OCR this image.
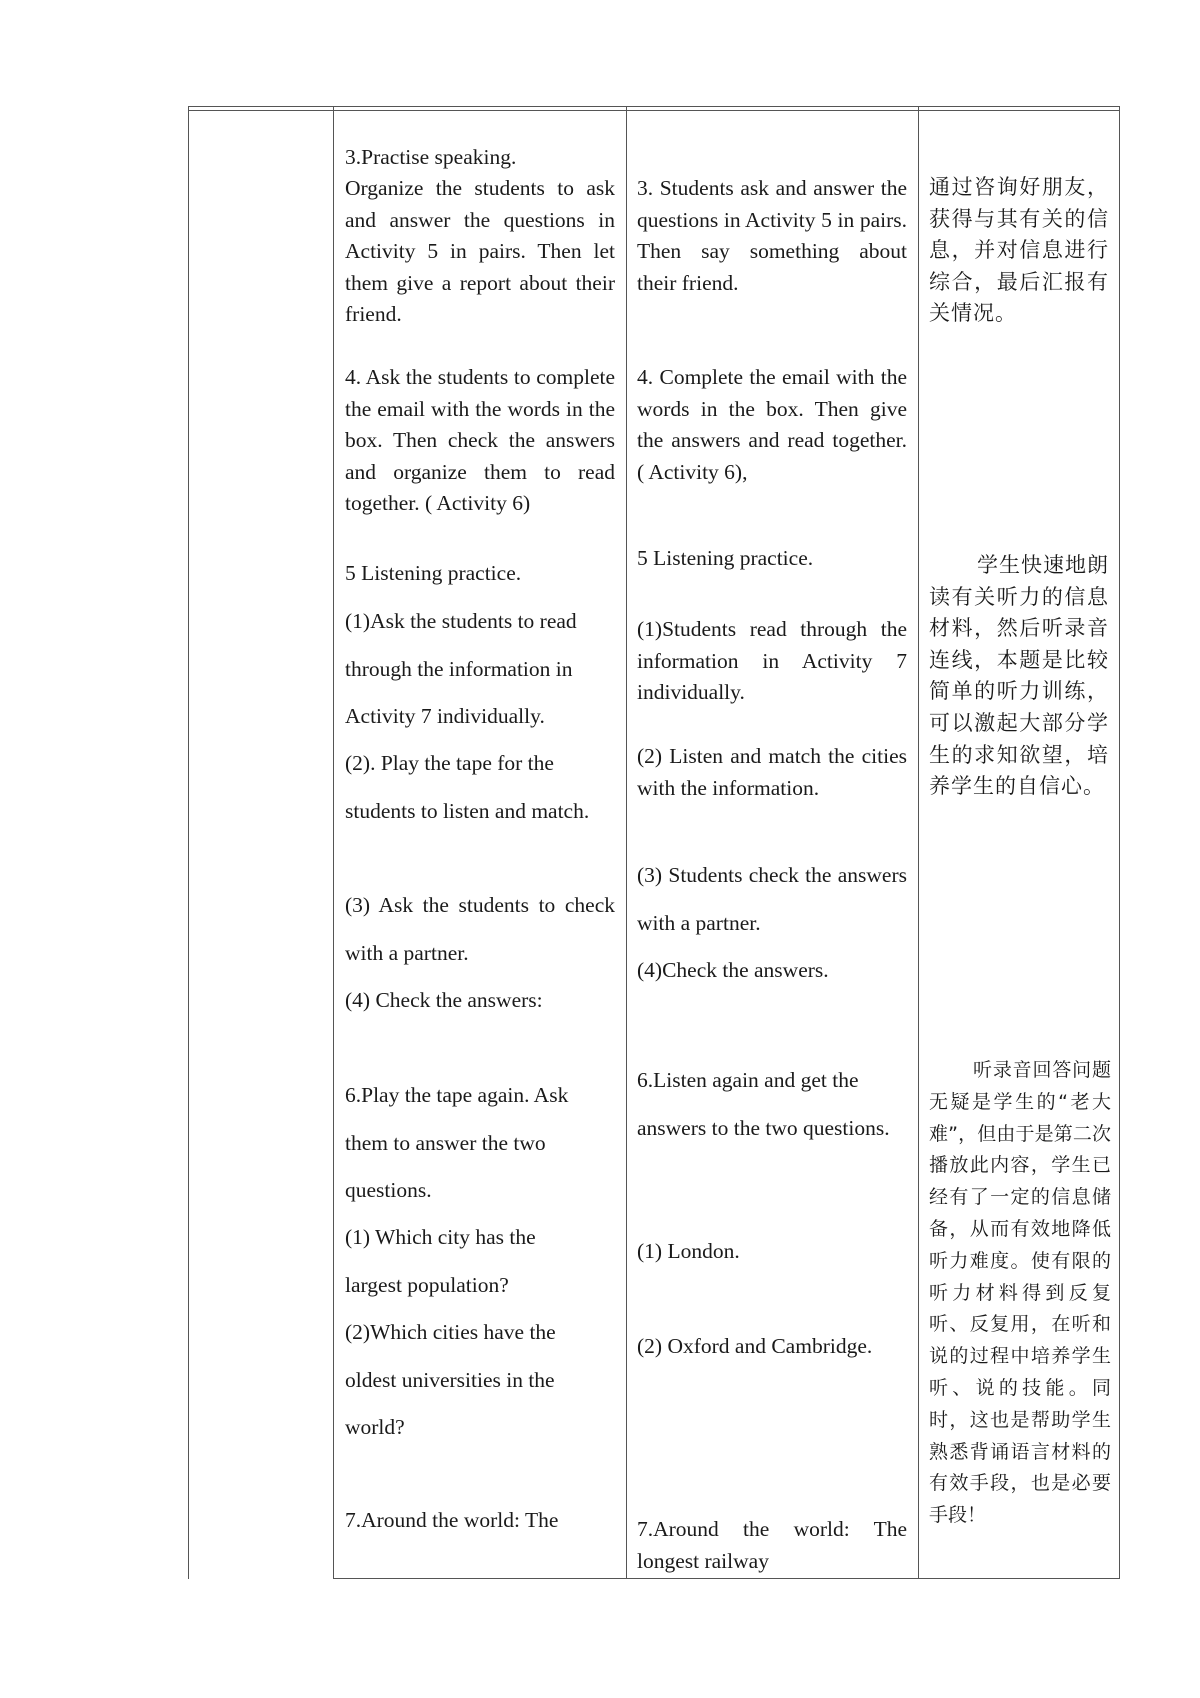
3.Practise speaking.

Organize the students to ask and answer the questions in Activity 5 in pairs. Then let them give a report about their friend.

4. Ask the students to complete the email with the words in the box. Then check the answers and organize them to read together. ( Activity 6)

5 Listening practice.

(1)Ask the students to read through the information in Activity 7 individually.

(2). Play the tape for the students to listen and match.

(3) Ask the students to check with a partner.

(4) Check the answers:

6.Play the tape again. Ask them to answer the two questions.

(1) Which city has the largest population?

(2)Which cities have the oldest universities in the world?

7.Around the world: The

3. Students ask and answer the questions in Activity 5 in pairs. Then say something about their friend.

4. Complete the email with the words in the box. Then give the answers and read together. ( Activity 6),

5 Listening practice.

(1)Students read through the information in Activity 7 individually.

(2) Listen and match the cities with the information.

(3) Students check the answers with a partner.

(4)Check the answers.

6.Listen again and get the answers to the two questions.

(1) London.

(2) Oxford and Cambridge.

7.Around the world: The longest railway

通过咨询好朋友，获得与其有关的信息，并对信息进行综合，最后汇报有关情况。

学生快速地朗读有关听力的信息材料，然后听录音连线，本题是比较简单的听力训练，可以激起大部分学生的求知欲望，培养学生的自信心。

听录音回答问题无疑是学生的“老大难”，但由于是第二次播放此内容，学生已经有了一定的信息储备，从而有效地降低听力难度。使有限的听力材料得到反复听、反复用，在听和说的过程中培养学生听、说的技能。同时，这也是帮助学生熟悉背诵语言材料的有效手段，也是必要手段！
